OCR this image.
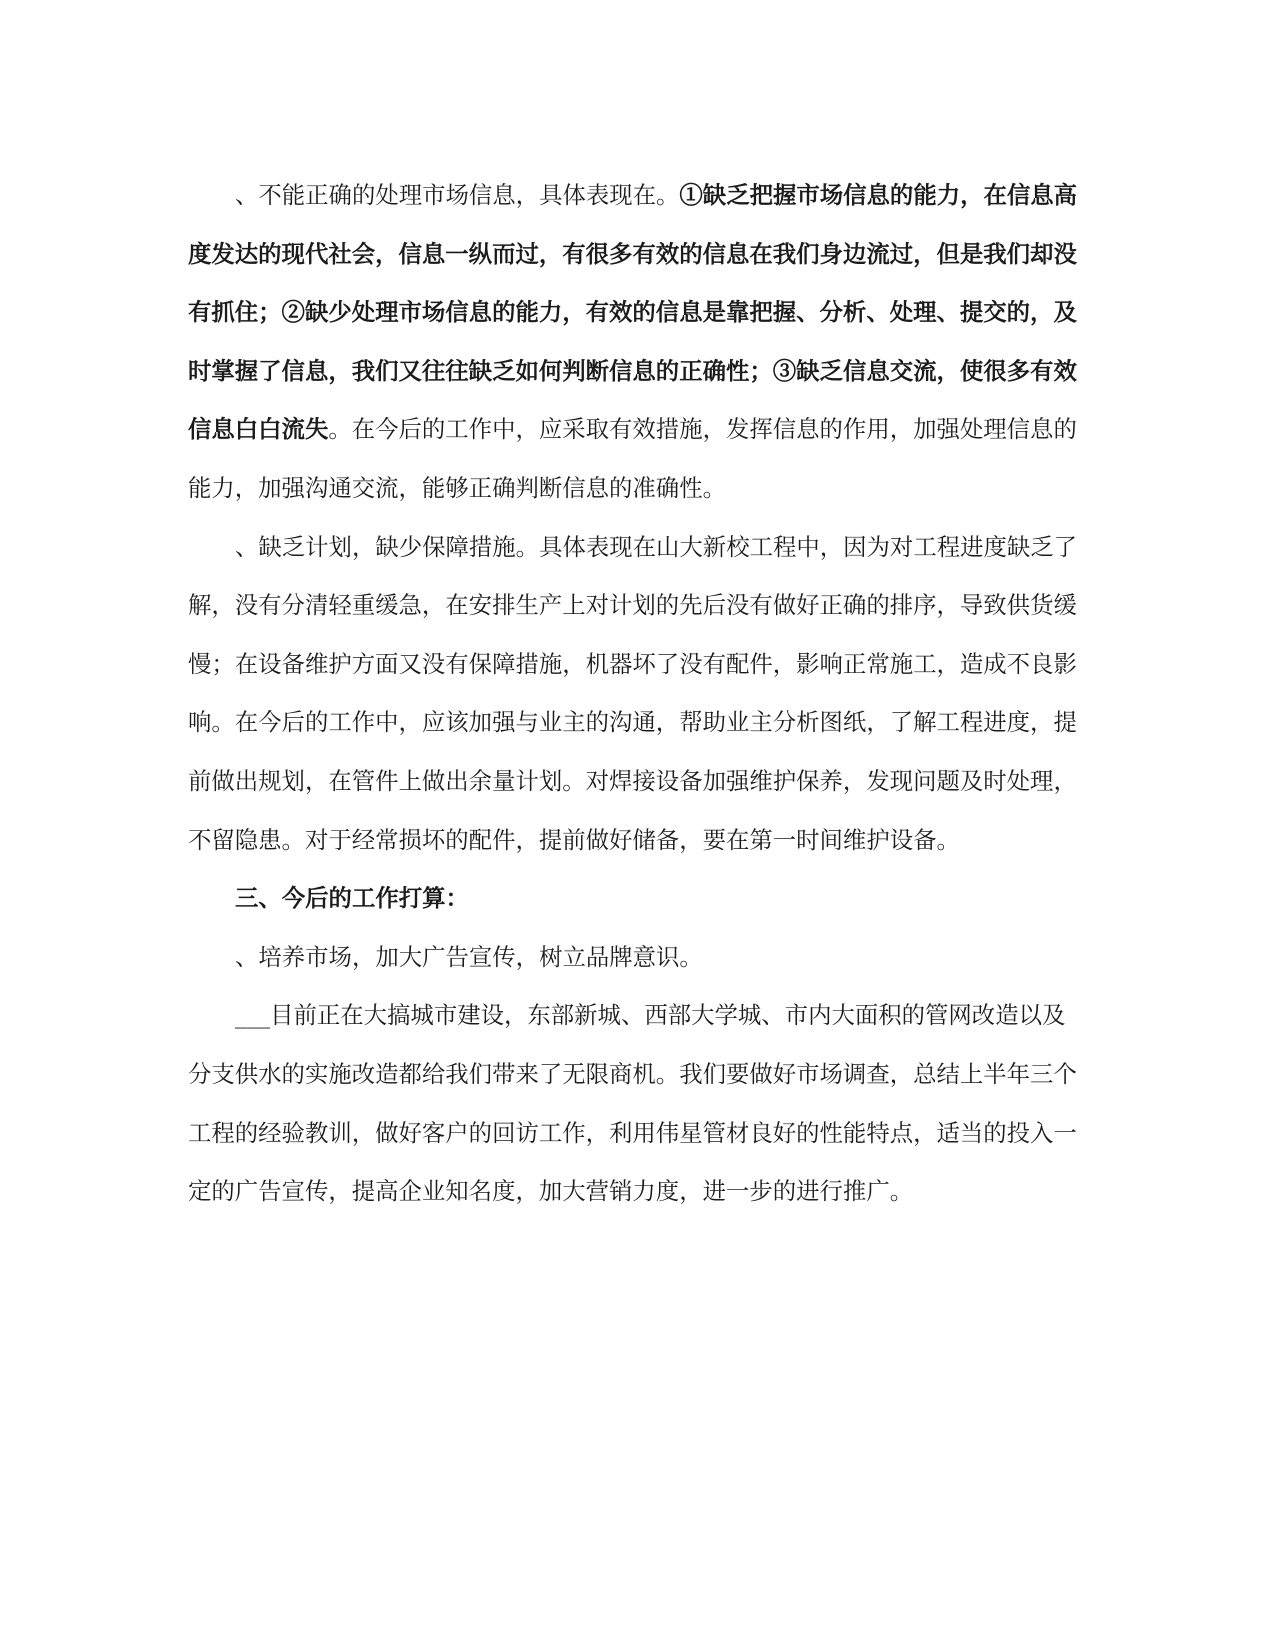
、不能正确的处理市场信息，具体表现在。①缺乏把握市场信息的能力，在信息高度发达的现代社会，信息一纵而过，有很多有效的信息在我们身边流过，但是我们却没有抓住；②缺少处理市场信息的能力，有效的信息是靠把握、分析、处理、提交的，及时掌握了信息，我们又往往缺乏如何判断信息的正确性；③缺乏信息交流，使很多有效信息白白流失。在今后的工作中，应采取有效措施，发挥信息的作用，加强处理信息的能力，加强沟通交流，能够正确判断信息的准确性。

、缺乏计划，缺少保障措施。具体表现在山大新校工程中，因为对工程进度缺乏了解，没有分清轻重缓急，在安排生产上对计划的先后没有做好正确的排序，导致供货缓慢；在设备维护方面又没有保障措施，机器坏了没有配件，影响正常施工，造成不良影响。在今后的工作中，应该加强与业主的沟通，帮助业主分析图纸，了解工程进度，提前做出规划，在管件上做出余量计划。对焊接设备加强维护保养，发现问题及时处理，不留隐患。对于经常损坏的配件，提前做好储备，要在第一时间维护设备。

三、今后的工作打算：

、培养市场，加大广告宣传，树立品牌意识。

___目前正在大搞城市建设，东部新城、西部大学城、市内大面积的管网改造以及分支供水的实施改造都给我们带来了无限商机。我们要做好市场调查，总结上半年三个工程的经验教训，做好客户的回访工作，利用伟星管材良好的性能特点，适当的投入一定的广告宣传，提高企业知名度，加大营销力度，进一步的进行推广。
